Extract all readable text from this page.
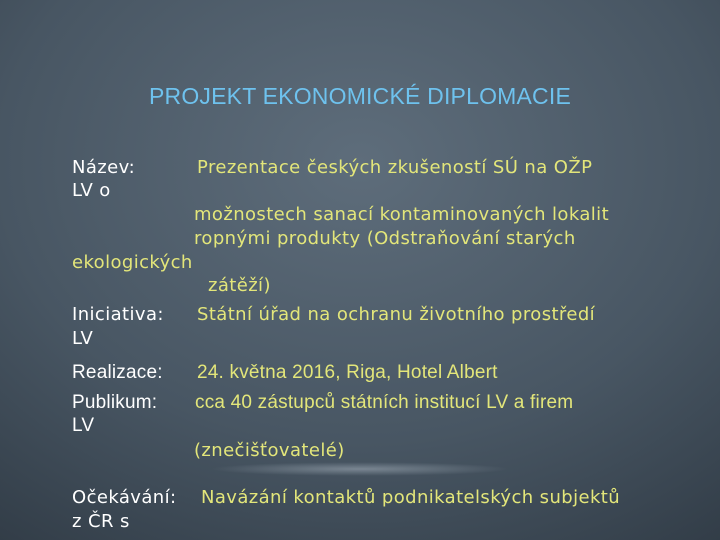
PROJEKT EKONOMICKÉ DIPLOMACIE
Název:	Prezentace českých zkušeností SÚ na OŽP
LV o
možnostech sanací kontaminovaných lokalit
ropnými produkty (Odstraňování starých
ekologických
zátěží)
Iniciativa: Státní úřad na ochranu životního prostředí
LV
Realizace: 24. května 2016, Riga, Hotel Albert
Publikum: cca 40 zástupců státních institucí LV a firem
LV
(znečišťovatelé)
Očekávání: Navázání kontaktů podnikatelských subjektů
z ČR s
